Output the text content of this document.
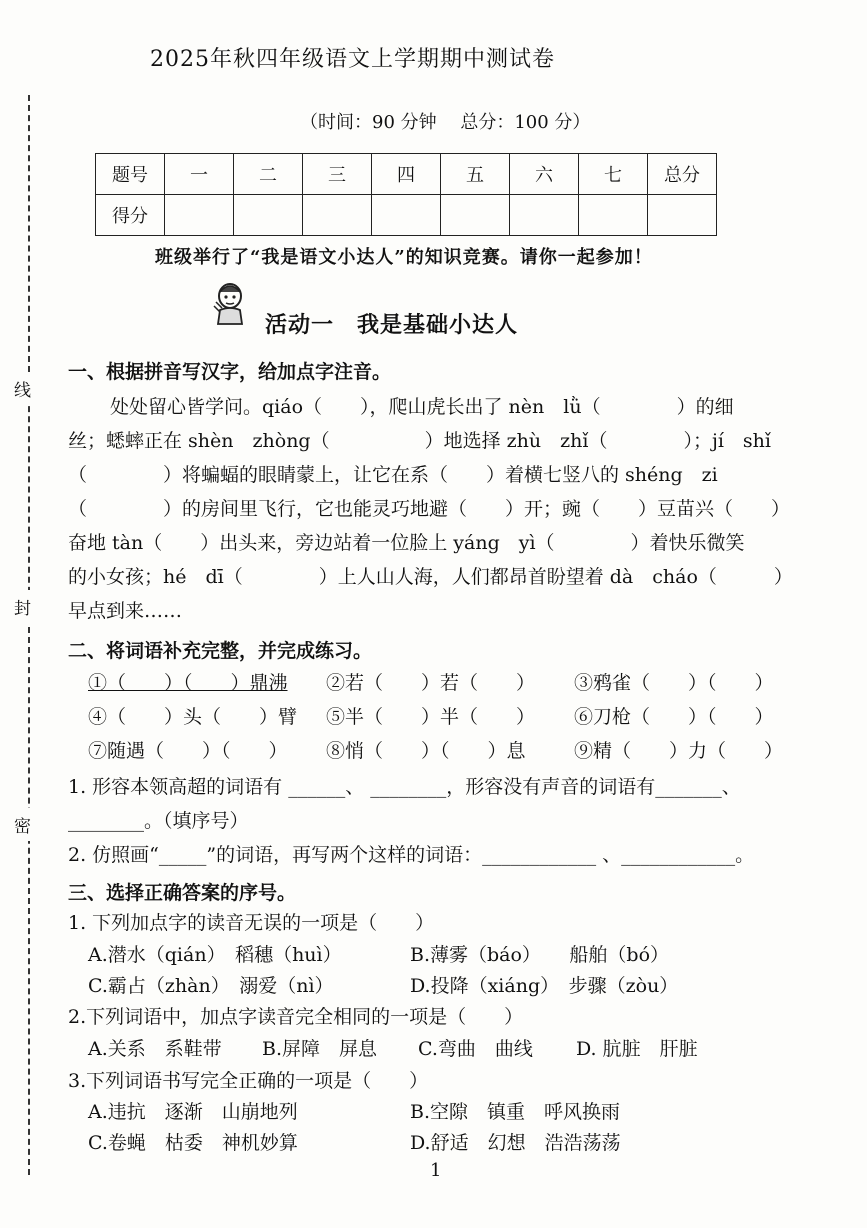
线
封
密
2025年秋四年级语文上学期期中测试卷
（时间：90 分钟　 总分：100 分）
题号	一	二	三	四	五	六	七	总分
得分								
班级举行了“我是语文小达人”的知识竞赛。请你一起参加！
活动一　我是基础小达人
一、根据拼音写汉字，给加点字注音。
处处留心皆学问。qiáo（　　），爬山虎长出了 nèn　lǜ（　　　　）的细
丝；蟋蟀正在 shèn　zhòng（　　　　　）地选择 zhù　zhǐ（　　　　）；jí　shǐ
（　　　　）将蝙蝠的眼睛蒙上，让它在系（　　）着横七竖八的 shéng　zi
（　　　　）的房间里飞行，它也能灵巧地避（　　）开；豌（　　）豆苗兴（　　）
奋地 tàn（　　）出头来，旁边站着一位脸上 yáng　yì（　　　　）着快乐微笑
的小女孩；hé　dī（　　　　）上人山人海，人们都昂首盼望着 dà　cháo（　　　）
早点到来……
二、将词语补充完整，并完成练习。
①（　　）（　　）鼎沸 ②若（　　）若（　　） ③鸦雀（　　）（　　）
④（　　）头（　　）臂 ⑤半（　　）半（　　） ⑥刀枪（　　）（　　）
⑦随遇（　　）（　　） ⑧悄（　　）（　　）息	⑨精（　　）力（　　）
1. 形容本领高超的词语有 ______、 ________，形容没有声音的词语有_______、
________。（填序号）
2. 仿照画“_____”的词语，再写两个这样的词语：____________ 、____________。
三、选择正确答案的序号。
1. 下列加点字的读音无误的一项是（　　）
A.潜水（qián）　稻穗（huì）	B.薄雾（báo）　　船舶（bó）
C.霸占（zhàn）　溺爱（nì）	D.投降（xiáng）　步骤（zòu）
2.下列词语中，加点字读音完全相同的一项是（　　）
A.关系　系鞋带 B.屏障　屏息 C.弯曲　曲线 D. 肮脏　肝脏
3.下列词语书写完全正确的一项是（　　）
A.违抗　逐渐　山崩地列	B.空隙　镇重　呼风换雨
C.卷蝇　枯委　神机妙算	D.舒适　幻想　浩浩荡荡
1
